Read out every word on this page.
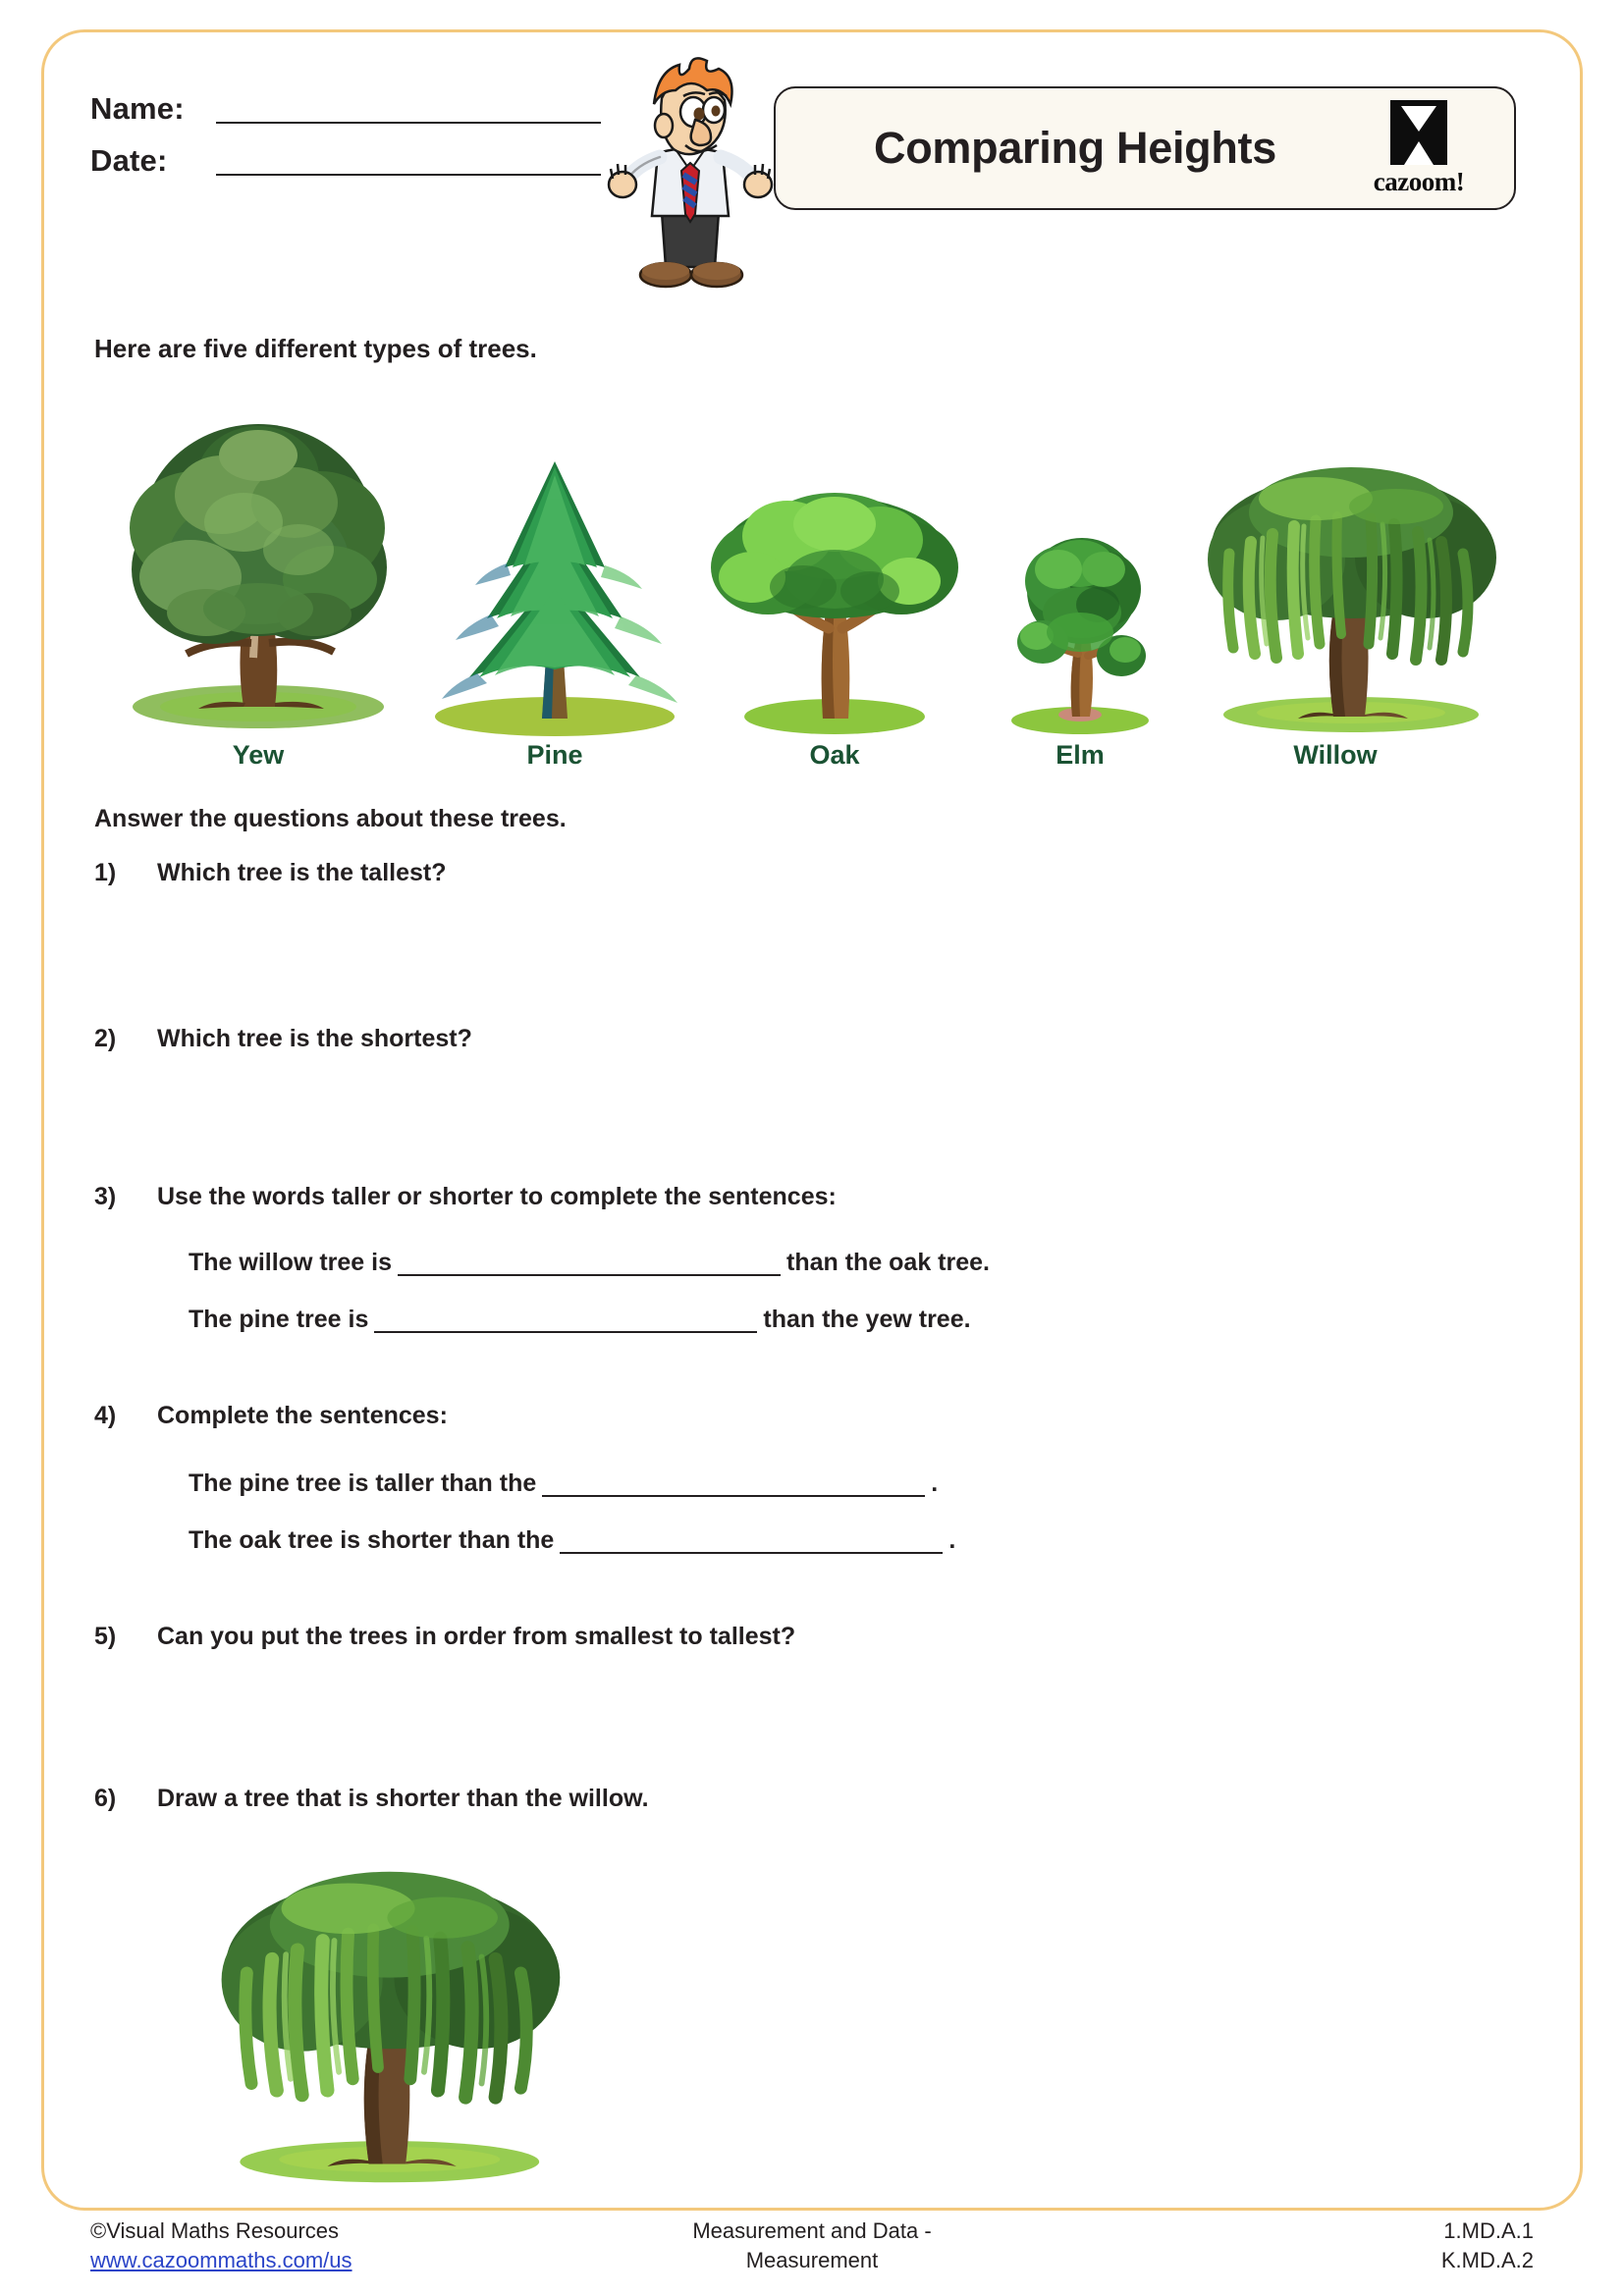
Name:
Date:	Comparing Heights
cazoom!
Here are five different types of trees.
Yew	Pine	Oak	Elm	Willow
Answer the questions about these trees.
1) Which tree is the tallest?
2) Which tree is the shortest?
3) Use the words taller or shorter to complete the sentences:
The willow tree is	than the oak tree.
The pine tree is	than the yew tree.
4) Complete the sentences:
The pine tree is taller than the	.
The oak tree is shorter than the	.
5) Can you put the trees in order from smallest to tallest?
6) Draw a tree that is shorter than the willow.
©Visual Maths Resources
www.cazoommaths.com/us
Measurement and Data -
Measurement
1.MD.A.1
K.MD.A.2
